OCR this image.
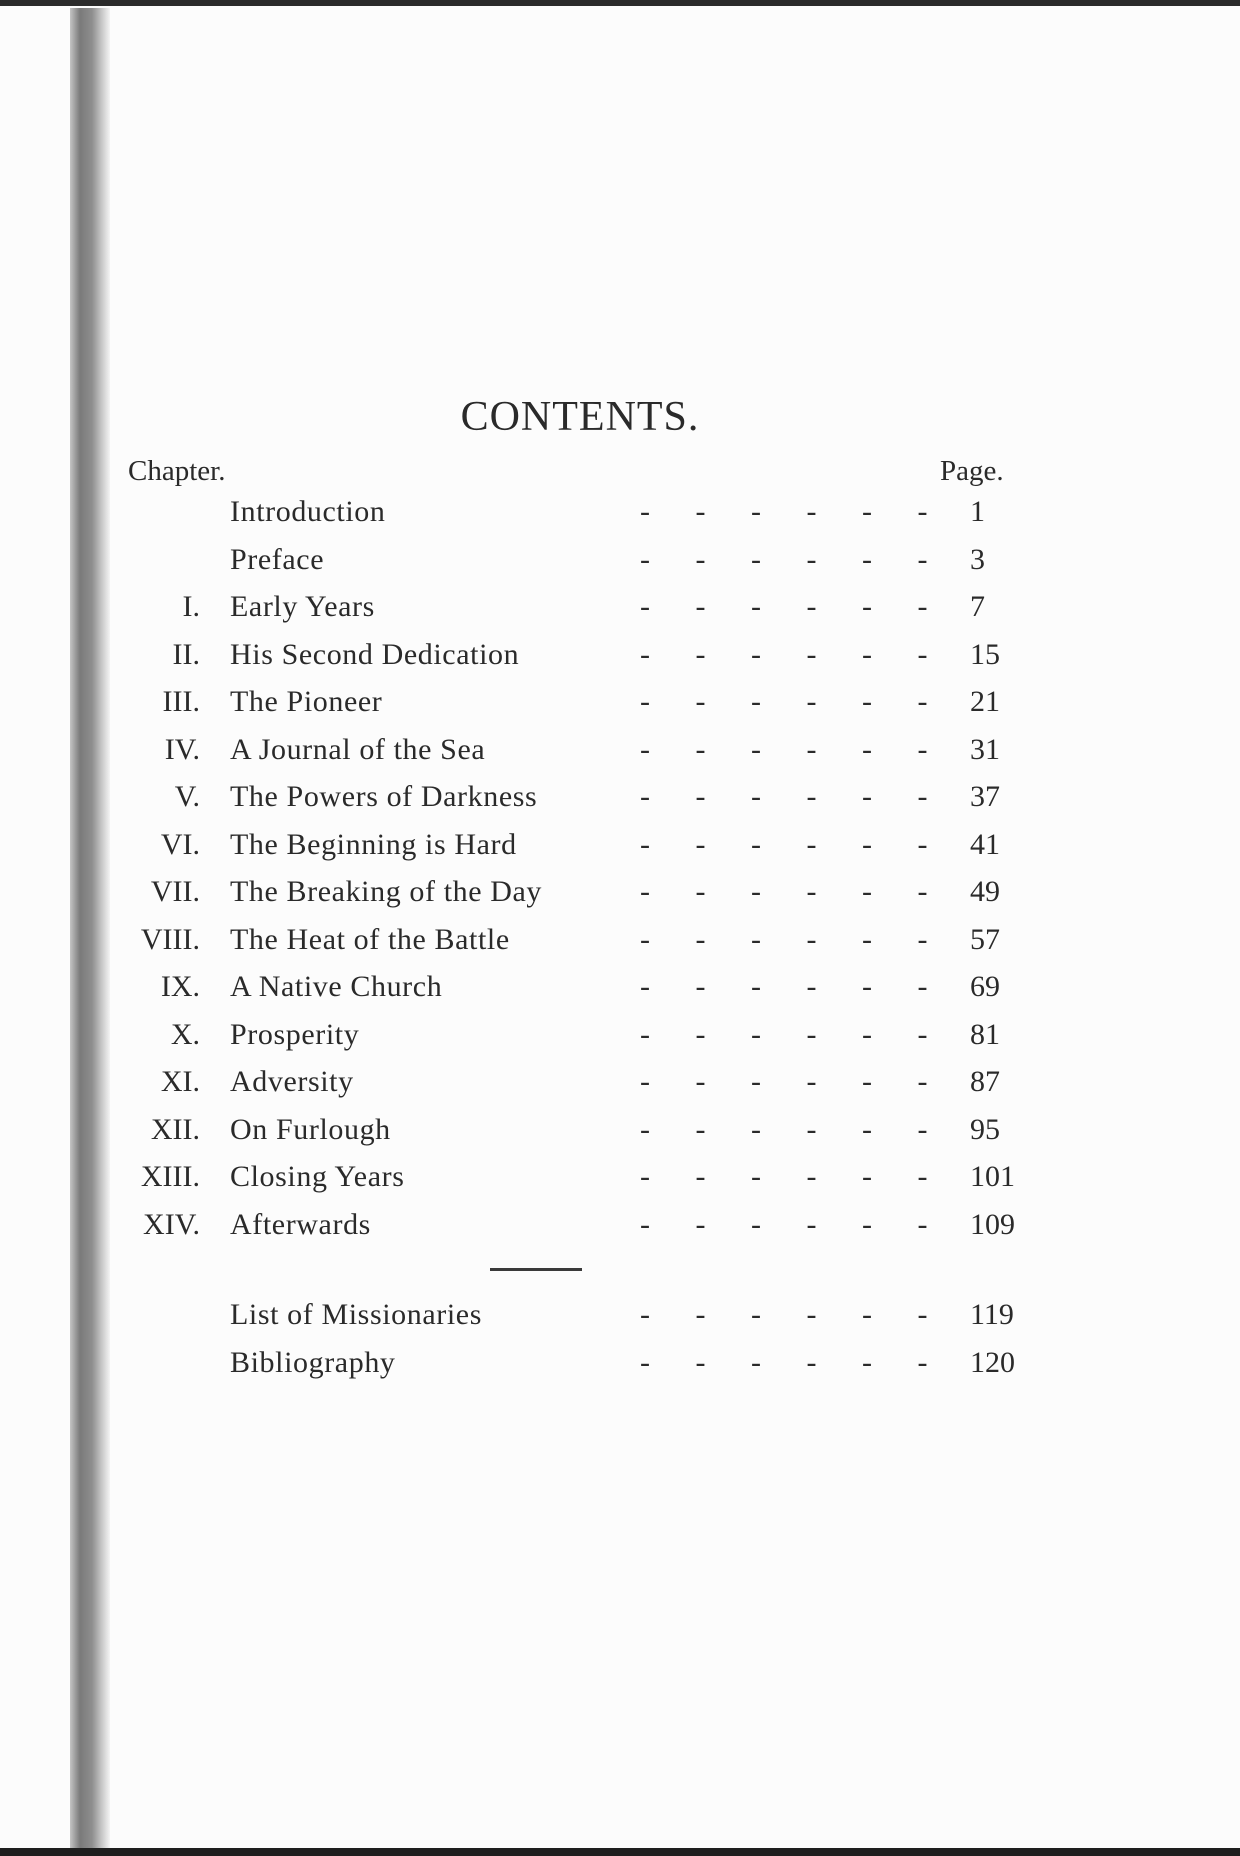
CONTENTS.
Chapter.	Page.
Introduction	- - - - - -	1
Preface	- - - - - -	3
I. Early Years	- - - - - -	7
II. His Second Dedication	- - - - - -	15
III. The Pioneer	- - - - - -	21
IV. A Journal of the Sea	- - - - - -	31
V. The Powers of Darkness	- - - - - -	37
VI. The Beginning is Hard	- - - - - -	41
VII. The Breaking of the Day	- - - - - -	49
VIII. The Heat of the Battle	- - - - - -	57
IX. A Native Church	- - - - - -	69
X. Prosperity	- - - - - -	81
XI. Adversity	- - - - - -	87
XII. On Furlough	- - - - - -	95
XIII. Closing Years	- - - - - -	101
XIV. Afterwards	- - - - - -	109
List of Missionaries	- - - - - -	119
Bibliography	- - - - - -	120
